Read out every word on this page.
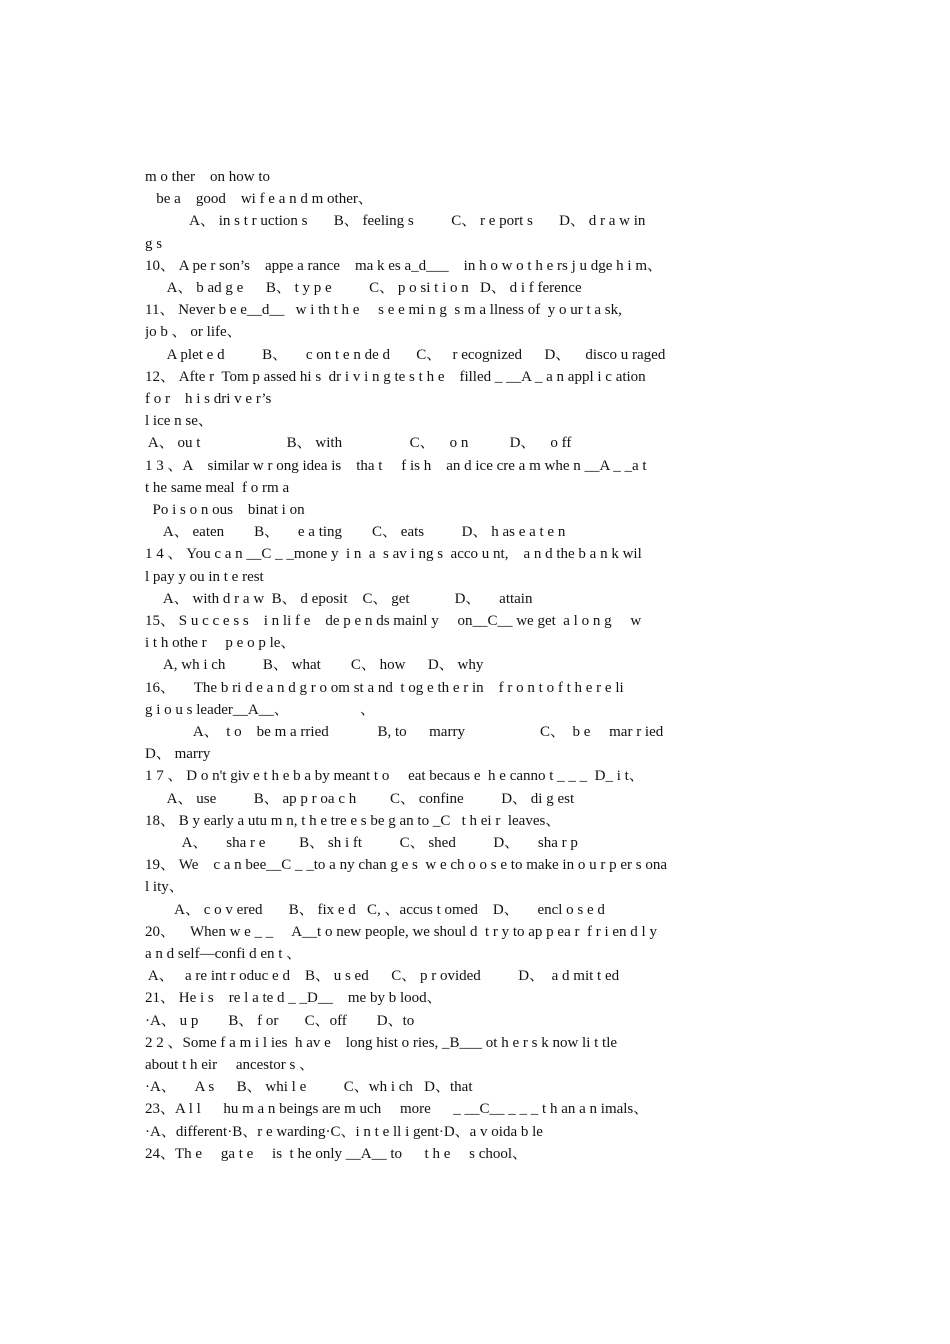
m o ther    on how to
be a    good    wi f e a n d m other、
A、 in s t r uction s       B、 feeling s          C、 r e port s       D、 d r a w in
g s
10、 A pe r son’s    appe a rance    ma k es a_d___    in h o w o t h e rs j u dge h i m、
A、 b ad g e      B、 t y p e          C、 p o si t i o n   D、 d i f ference
11、 Never b e e__d__   w i th t h e     s e e mi n g  s m a llness of  y o ur t a sk,
jo b 、 or life、
A plet e d          B、     c on t e n de d       C、   r ecognized      D、    disco u raged
12、 Afte r  Tom p assed hi s  dr i v i n g te s t h e    filled _ __A _ a n appl i c ation
f o r    h i s dri v e r’s
l ice n se、
A、 ou t                       B、 with                  C、    o n           D、    o ff
1 3 、A    similar w r ong idea is    tha t     f is h    an d ice cre a m whe n __A _ _a t
t he same meal  f o rm a
Po i s o n ous    binat i on
A、 eaten        B、     e a ting        C、 eats          D、 h as e a t e n
1 4 、 You c a n __C _ _mone y  i n  a  s av i ng s  acco u nt,    a n d the b a n k wil
l pay y ou in t e rest
A、 with d r a w  B、 d eposit    C、 get            D、     attain
15、 S u c c e s s    i n li f e    de p e n ds mainl y     on__C__ we get  a l o n g     w
i t h othe r     p e o p le、
A, wh i ch          B、 what        C、 how      D、 why
16、     The b ri d e a n d g r o om st a nd  t og e th e r in    f r o n t o f t h e r e li
g i o u s leader__A__、                   、
A、  t o    be m a rried             B, to      marry                    C、  b e     mar r ied
D、 marry
1 7 、 D o n't giv e t h e b a by meant t o     eat becaus e  h e canno t _ _ _  D_ i t、
A、 use          B、 ap p r oa c h         C、 confine          D、 di g est
18、 B y early a utu m n, t h e tre e s be g an to _C   t h ei r  leaves、
A、     sha r e         B、 sh i ft          C、 shed          D、     sha r p
19、 We    c a n bee__C _ _to a ny chan g e s  w e ch o o s e to make in o u r p er s ona
l ity、
A、 c o v ered       B、 fix e d   C, 、accus t omed    D、     encl o s e d
20、    When w e _ _     A__t o new people, we shoul d  t r y to ap p ea r  f r i en d l y
a n d self—confi d en t 、
A、   a re int r oduc e d    B、 u s ed      C、 p r ovided          D、  a d mit t ed
21、 He i s    re l a te d _ _D__    me by b lood、
·A、 u p        B、 f or       C、off        D、to
2 2 、Some f a m i l ies  h av e    long hist o ries, _B___ ot h e r s k now li t tle
about t h eir     ancestor s 、
·A、     A s      B、 whi l e          C、wh i ch   D、that
23、A l l      hu m a n beings are m uch     more      _ __C__ _ _ _ t h an a n imals、
·A、different·B、r e warding·C、i n t e ll i gent·D、a v oida b le
24、Th e     ga t e     is  t he only __A__ to      t h e     s chool、
